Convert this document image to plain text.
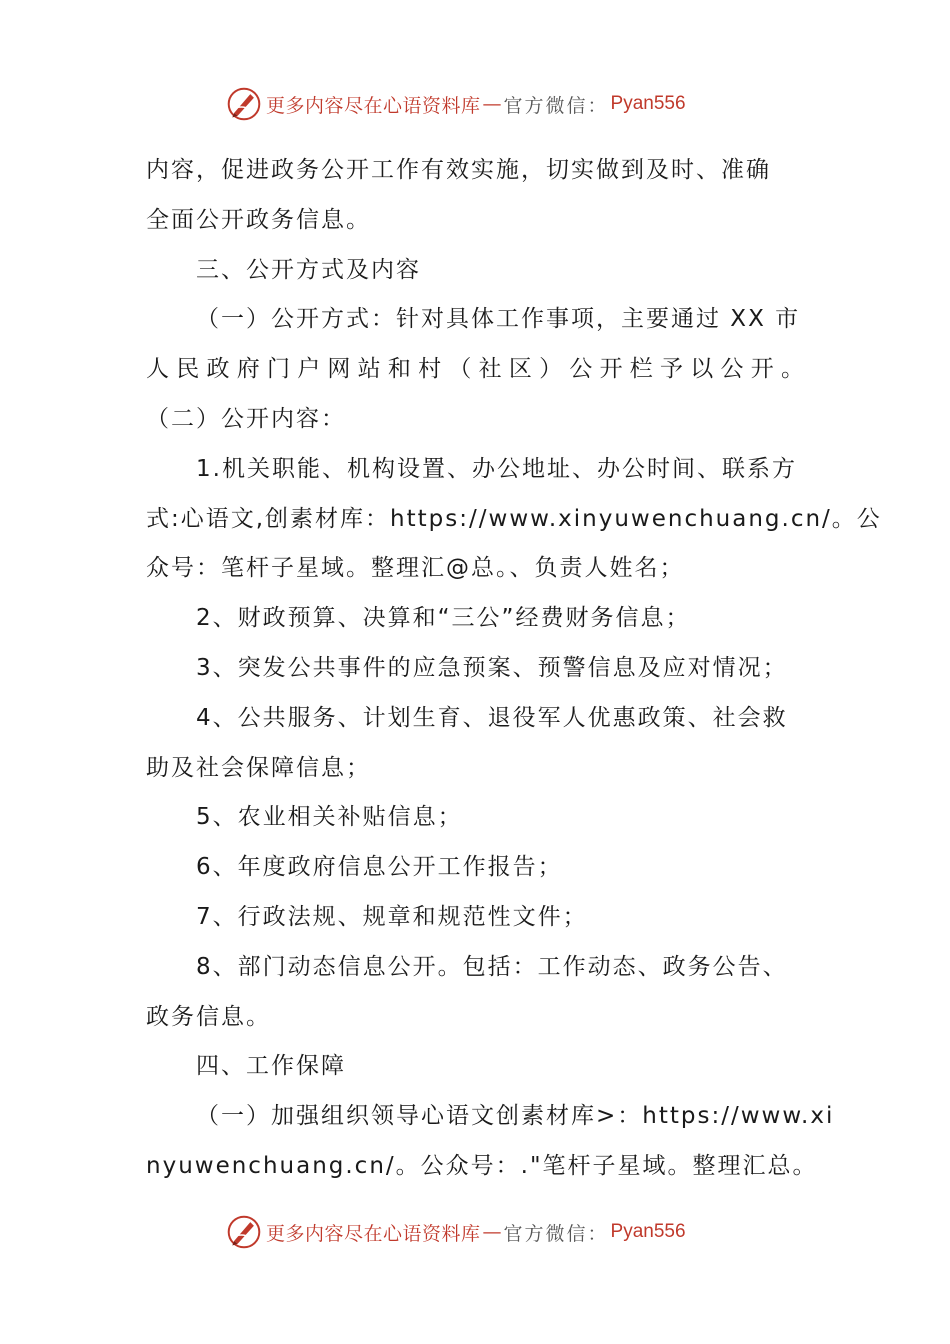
更多内容尽在心语资料库 — 官方微信： Pyan556
内容，促进政务公开工作有效实施，切实做到及时、准确
全面公开政务信息。
三、公开方式及内容
（一）公开方式：针对具体工作事项，主要通过 XX 市
人民政府门户网站和村（社区）公开栏予以公开。
（二）公开内容：
1.机关职能、机构设置、办公地址、办公时间、联系方
式:心语文,创素材库：https://www.xinyuwenchuang.cn/。公
众号：笔杆子星域。整理汇@总。、负责人姓名；
2、财政预算、决算和“三公”经费财务信息；
3、突发公共事件的应急预案、预警信息及应对情况；
4、公共服务、计划生育、退役军人优惠政策、社会救
助及社会保障信息；
5、农业相关补贴信息；
6、年度政府信息公开工作报告；
7、行政法规、规章和规范性文件；
8、部门动态信息公开。包括：工作动态、政务公告、
政务信息。
四、工作保障
（一）加强组织领导心语文创素材库>：https://www.xi
nyuwenchuang.cn/。公众号：."笔杆子星域。整理汇总。
更多内容尽在心语资料库 — 官方微信： Pyan556
